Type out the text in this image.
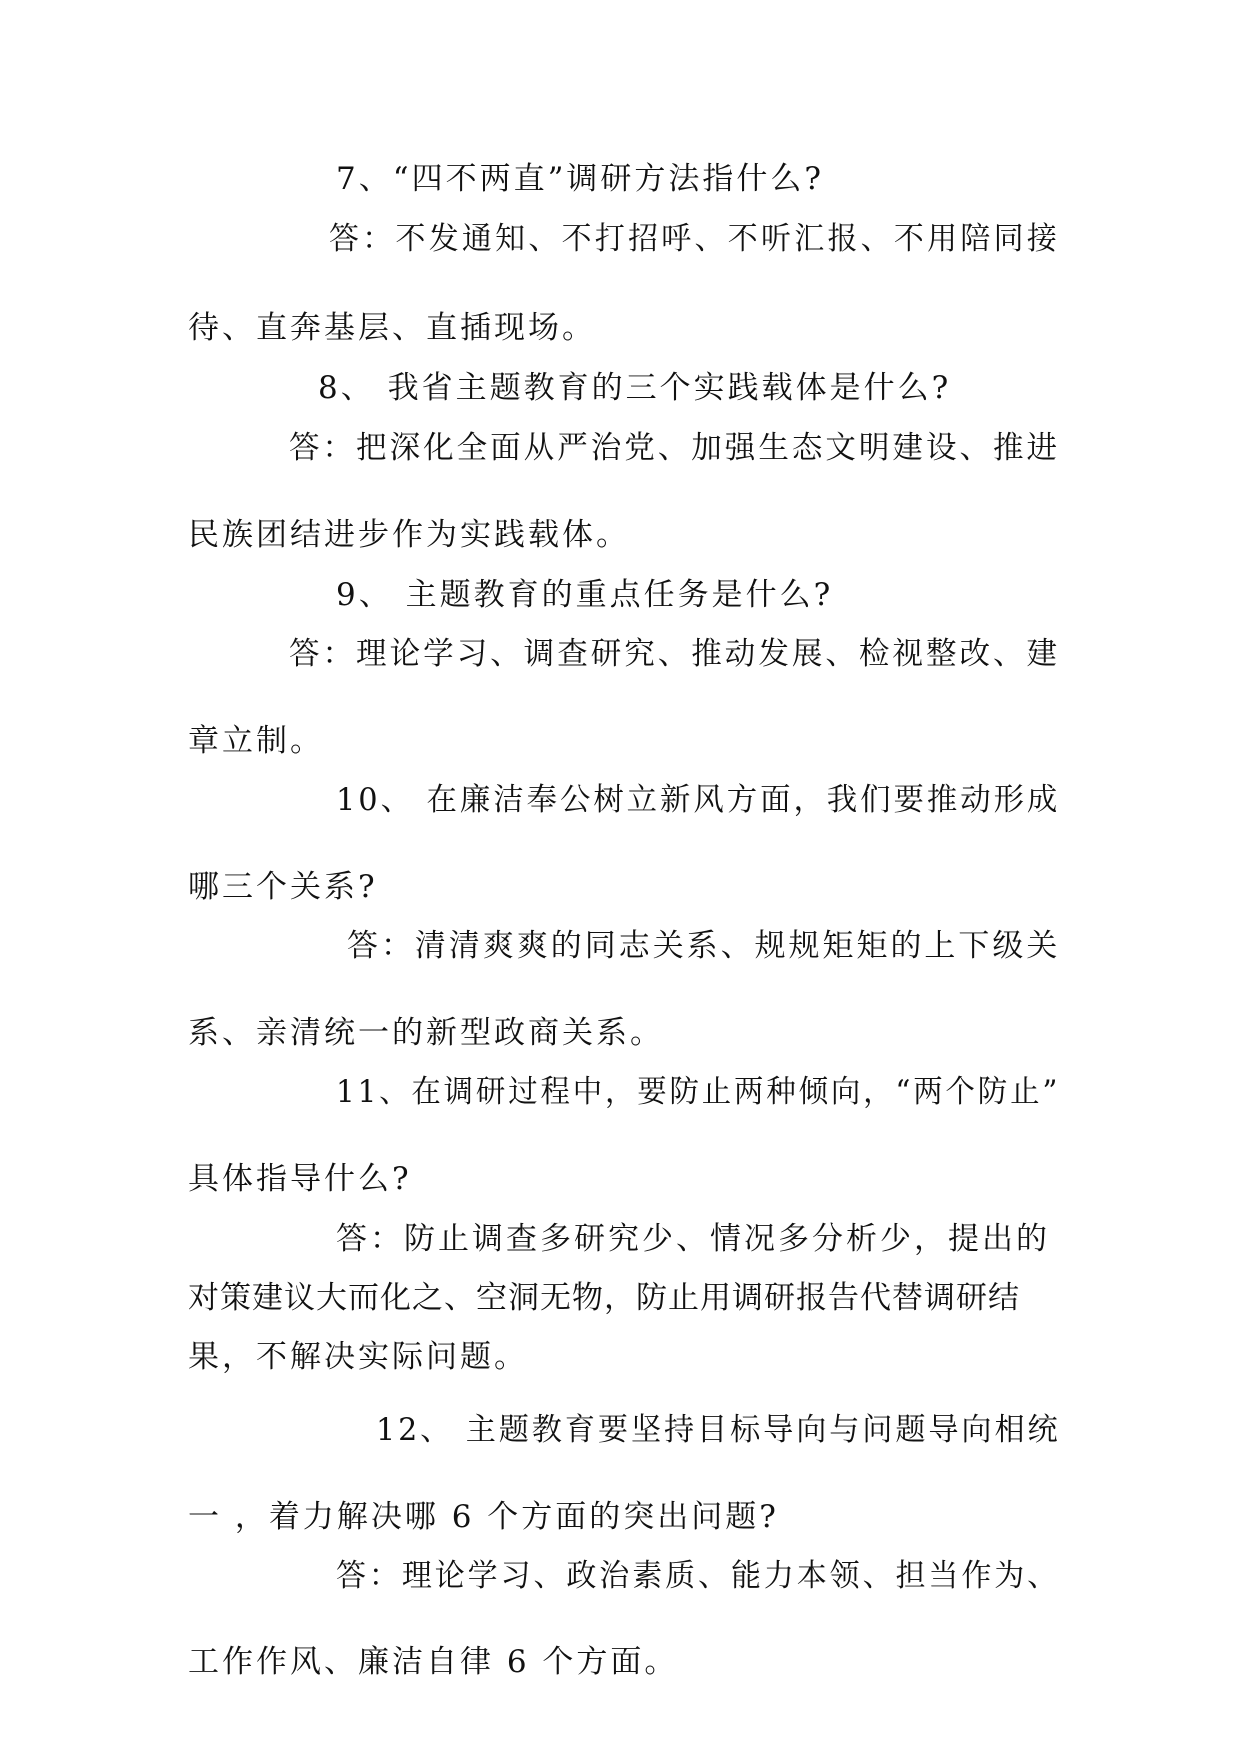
7、“四不两直”调研方法指什么?
答：不发通知、不打招呼、不听汇报、不用陪同接
待、直奔基层、直插现场。
8、 我省主题教育的三个实践载体是什么?
答：把深化全面从严治党、加强生态文明建设、推进
民族团结进步作为实践载体。
9、 主题教育的重点任务是什么?
答：理论学习、调查研究、推动发展、检视整改、建
章立制。
10、 在廉洁奉公树立新风方面，我们要推动形成
哪三个关系?
答：清清爽爽的同志关系、规规矩矩的上下级关
系、亲清统一的新型政商关系。
11、在调研过程中，要防止两种倾向，“两个防止”
具体指导什么?
答：防止调查多研究少、情况多分析少，提出的
对策建议大而化之、空洞无物，防止用调研报告代替调研结
果，不解决实际问题。
12、 主题教育要坚持目标导向与问题导向相统
一 ，着力解决哪 6 个方面的突出问题?
答：理论学习、政治素质、能力本领、担当作为、
工作作风、廉洁自律 6 个方面。
